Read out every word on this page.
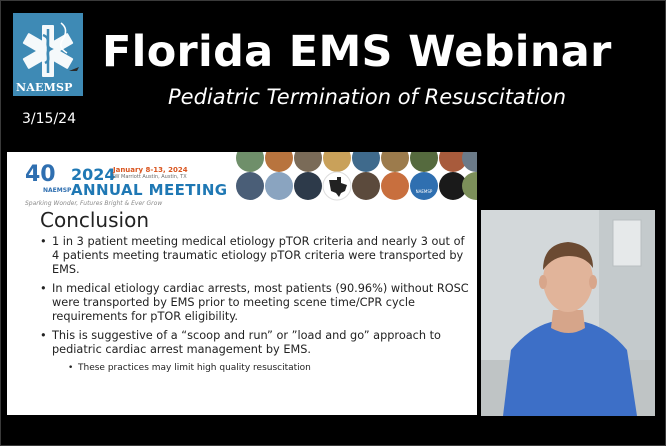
NAEMSP
Florida EMS Webinar
Pediatric Termination of Resuscitation
3/15/24
40
NAEMSP
2024
January 8-13, 2024
JW Marriott Austin, Austin, TX
ANNUAL MEETING
Sparking Wonder, Futures Bright & Ever Grow
NAEMSP
Conclusion
• 1 in 3 patient meeting medical etiology pTOR criteria and nearly 3 out of 4 patients meeting traumatic etiology pTOR criteria were transported by EMS.
• In medical etiology cardiac arrests, most patients (90.96%) without ROSC were transported by EMS prior to meeting scene time/CPR cycle requirements for pTOR eligibility.
• This is suggestive of a “scoop and run” or ”load and go” approach to pediatric cardiac arrest management by EMS.
• These practices may limit high quality resuscitation
